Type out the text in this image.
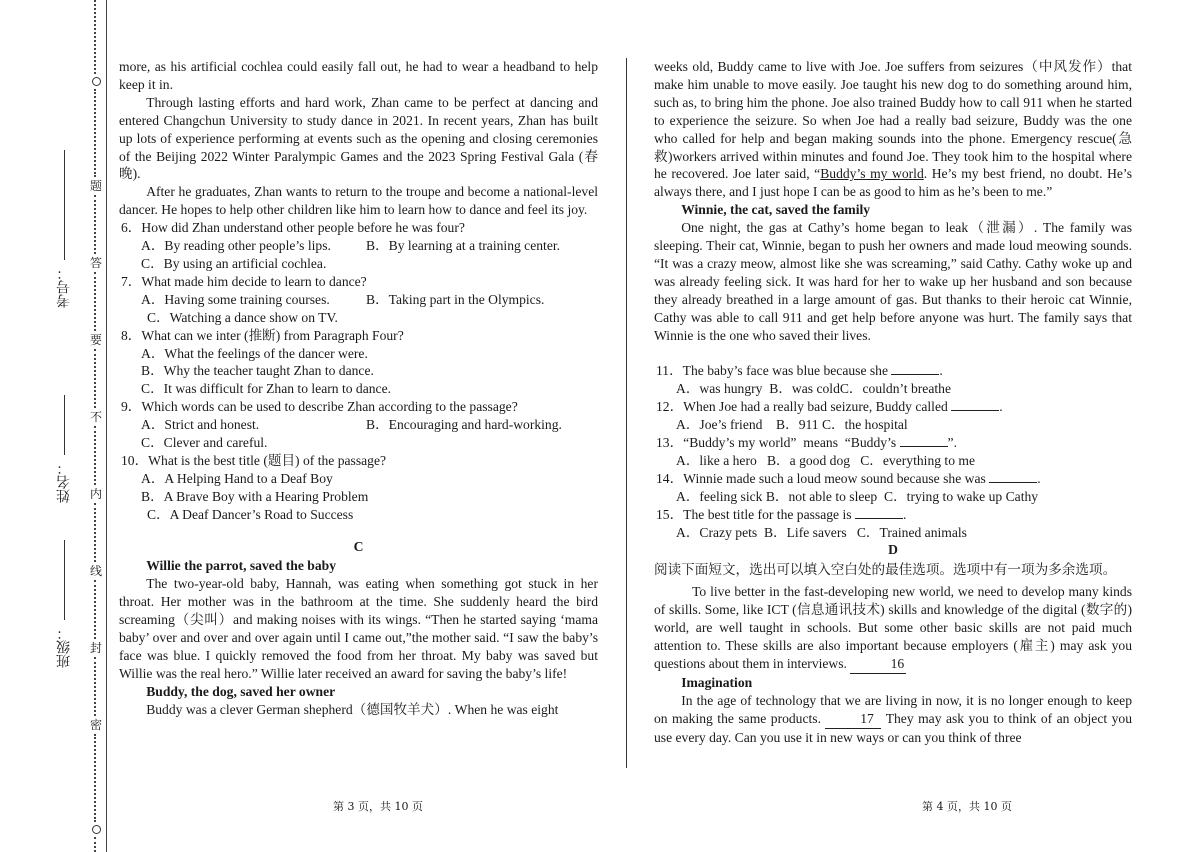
题
答
要
不
内
线
封
密
考号：
姓名：
班级：

more, as his artificial cochlea could easily fall out, he had to wear a headband to help keep it in.

Through lasting efforts and hard work, Zhan came to be perfect at dancing and entered Changchun University to study dance in 2021. In recent years, Zhan has built up lots of experience performing at events such as the opening and closing ceremonies of the Beijing 2022 Winter Paralympic Games and the 2023 Spring Festival Gala (春晚).

After he graduates, Zhan wants to return to the troupe and become a national-level dancer. He hopes to help other children like him to learn how to dance and feel its joy.

6．How did Zhan understand other people before he was four?

A．By reading other people’s lips.	B．By learning at a training center.

C．By using an artificial cochlea.

7．What made him decide to learn to dance?

A．Having some training courses.	B．Taking part in the Olympics.

C．Watching a dance show on TV.

8．What can we inter (推断) from Paragraph Four?

A．What the feelings of the dancer were.

B．Why the teacher taught Zhan to dance.

C．It was difficult for Zhan to learn to dance.

9．Which words can be used to describe Zhan according to the passage?

A．Strict and honest.	B．Encouraging and hard-working.

C．Clever and careful.

10．What is the best title (题目) of the passage?

A．A Helping Hand to a Deaf Boy

B．A Brave Boy with a Hearing Problem

C．A Deaf Dancer’s Road to Success

C

Willie the parrot, saved the baby

The two-year-old baby, Hannah, was eating when something got stuck in her throat. Her mother was in the bathroom at the time. She suddenly heard the bird screaming（尖叫）and making noises with its wings. “Then he started saying ‘mama baby’ over and over and over again until I came out,”the mother said. “I saw the baby’s face was blue. I quickly removed the food from her throat. My baby was saved but Willie was the real hero.” Willie later received an award for saving the baby’s life!

Buddy, the dog, saved her owner

Buddy was a clever German shepherd（德国牧羊犬）. When he was eight

weeks old, Buddy came to live with Joe. Joe suffers from seizures（中风发作）that make him unable to move easily. Joe taught his new dog to do something around him, such as, to bring him the phone. Joe also trained Buddy how to call 911 when he started to experience the seizure. So when Joe had a really bad seizure, Buddy was the one who called for help and began making sounds into the phone. Emergency rescue(急救)workers arrived within minutes and found Joe. They took him to the hospital where he recovered. Joe later said, “Buddy’s my world. He’s my best friend, no doubt. He’s always there, and I just hope I can be as good to him as he’s been to me.”

Winnie, the cat, saved the family

One night, the gas at Cathy’s home began to leak（泄漏）. The family was sleeping. Their cat, Winnie, began to push her owners and made loud meowing sounds. “It was a crazy meow, almost like she was screaming,” said Cathy. Cathy woke up and was already feeling sick. It was hard for her to wake up her husband and son because they already breathed in a large amount of gas. But thanks to their heroic cat Winnie, Cathy was able to call 911 and get help before anyone was hurt. The family says that Winnie is the one who saved their lives.

11．The baby’s face was blue because she	.

A．was hungry  B．was coldC．couldn’t breathe

12．When Joe had a really bad seizure, Buddy called	.

A．Joe’s friend    B．911 C．the hospital

13．“Buddy’s my world”  means  “Buddy’s	”.

A．like a hero   B．a good dog   C．everything to me

14．Winnie made such a loud meow sound because she was	.

A．feeling sick B．not able to sleep  C．trying to wake up Cathy

15．The best title for the passage is	.

A．Crazy pets  B．Life savers   C．Trained animals

D

阅读下面短文，选出可以填入空白处的最佳选项。选项中有一项为多余选项。

To live better in the fast-developing new world, we need to develop many kinds of skills. Some, like ICT (信息通讯技术) skills and knowledge of the digital (数字的) world, are well taught in schools. But some other basic skills are not paid much attention to. These skills are also important because employers (雇主) may ask you questions about them in interviews.	16

Imagination

In the age of technology that we are living in now, it is no longer enough to keep on making the same products.	17 They may ask you to think of an object you use every day. Can you use it in new ways or can you think of three

第 3 页，共 10 页	第 4 页，共 10 页
